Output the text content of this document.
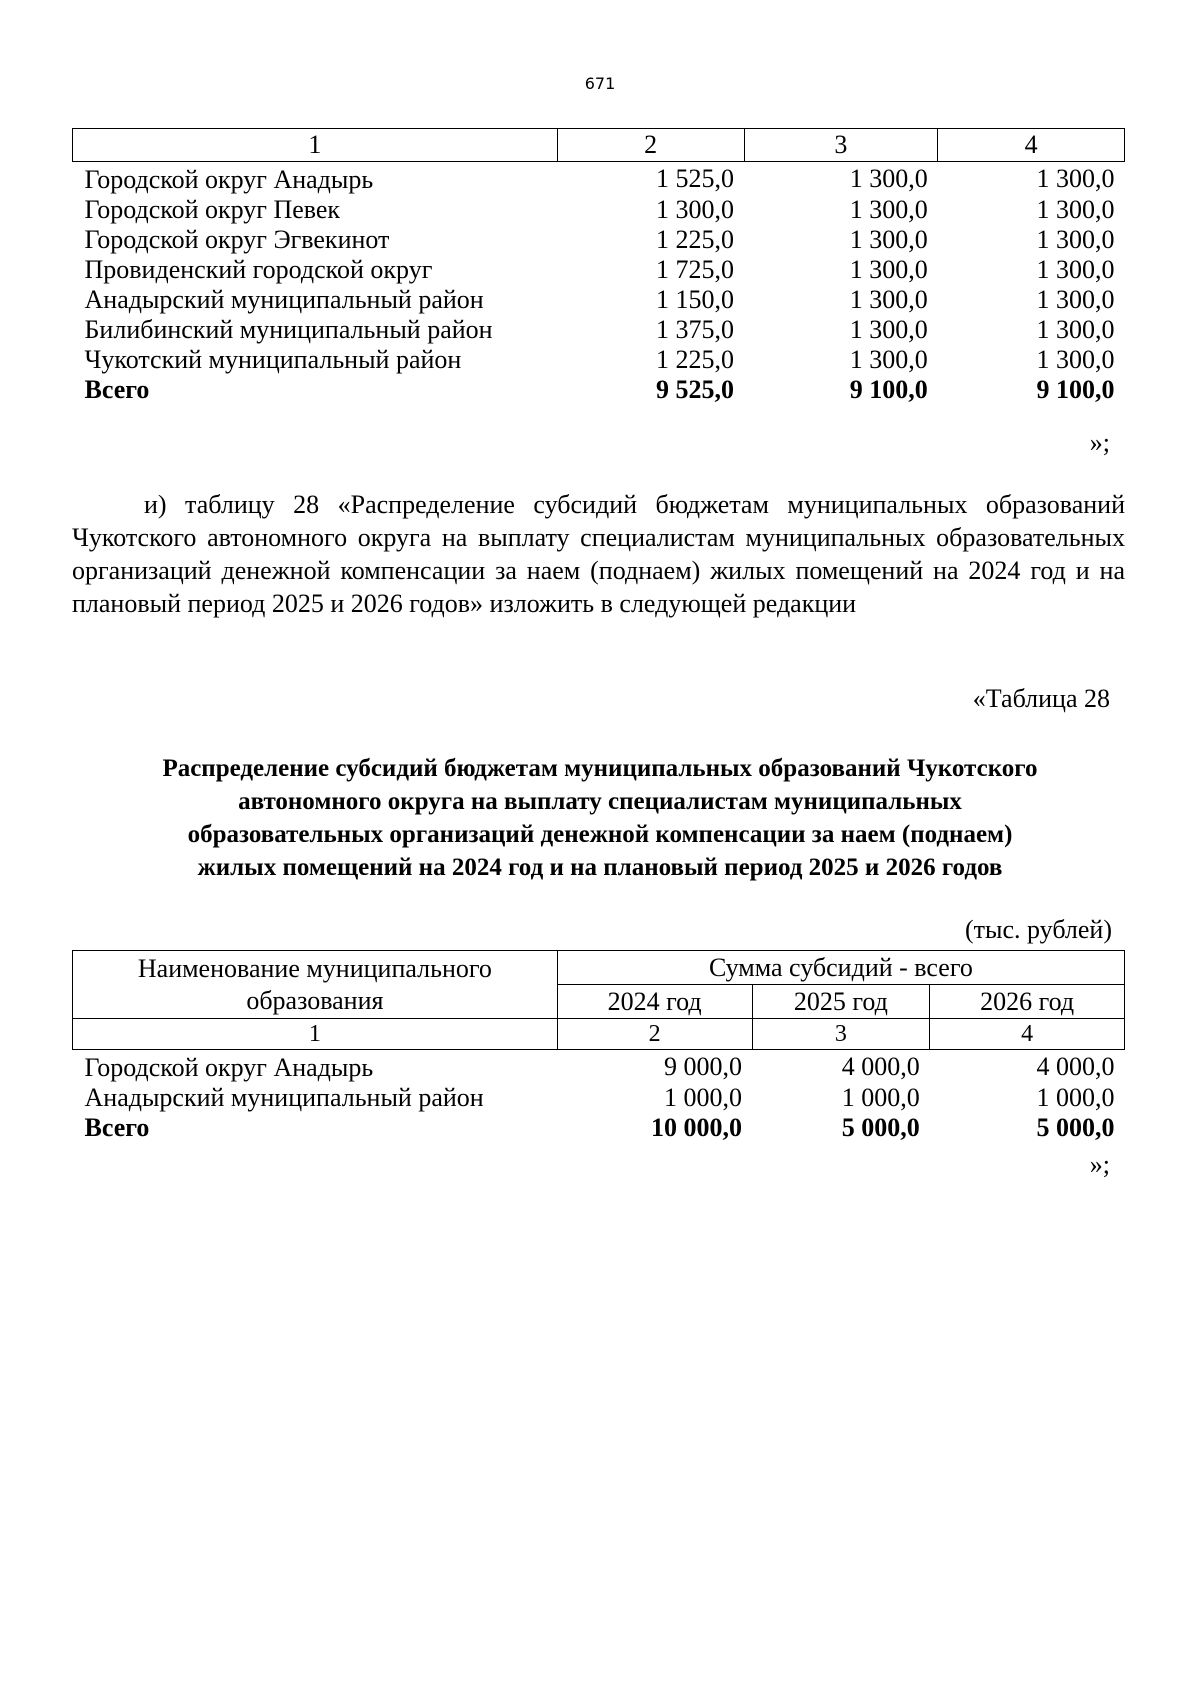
671
1	2	3	4
Городской округ Анадырь	1 525,0	1 300,0	1 300,0
Городской округ Певек	1 300,0	1 300,0	1 300,0
Городской округ Эгвекинот	1 225,0	1 300,0	1 300,0
Провиденский городской округ	1 725,0	1 300,0	1 300,0
Анадырский муниципальный район	1 150,0	1 300,0	1 300,0
Билибинский муниципальный район	1 375,0	1 300,0	1 300,0
Чукотский муниципальный район	1 225,0	1 300,0	1 300,0
Всего	9 525,0	9 100,0	9 100,0
»;

и) таблицу 28 «Распределение субсидий бюджетам муниципальных образований Чукотского автономного округа на выплату специалистам муниципальных образовательных организаций денежной компенсации за наем (поднаем) жилых помещений на 2024 год и на плановый период 2025 и 2026 годов» изложить в следующей редакции

«Таблица 28
Распределение субсидий бюджетам муниципальных образований Чукотского
автономного округа на выплату специалистам муниципальных
образовательных организаций денежной компенсации за наем (поднаем)
жилых помещений на 2024 год и на плановый период 2025 и 2026 годов
(тыс. рублей)
Наименование муниципального образования	Сумма субсидий - всего		
	2024 год	2025 год	2026 год
1	2	3	4
Городской округ Анадырь	9 000,0	4 000,0	4 000,0
Анадырский муниципальный район	1 000,0	1 000,0	1 000,0
Всего	10 000,0	5 000,0	5 000,0
»;
